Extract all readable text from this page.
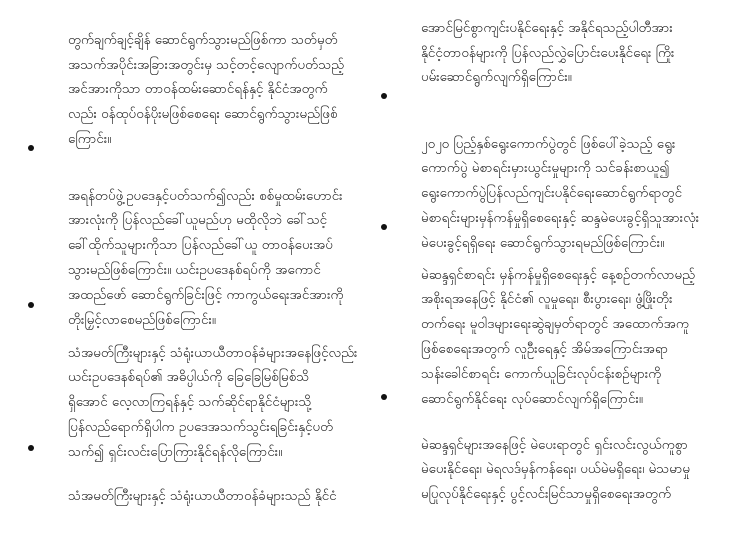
တွက်ချက်ချင့်ချိန် ဆောင်ရွက်သွားမည်ဖြစ်ကာ သတ်မှတ်
အသက်အပိုင်းအခြားအတွင်းမှ သင့်တင့်လျောက်ပတ်သည့်
အင်အားကိုသာ တာဝန်ထမ်းဆောင်ရန်နှင့် နိုင်ငံအတွက်
လည်း ဝန်ထုပ်ဝန်ပိုးမဖြစ်စေရေး ဆောင်ရွက်သွားမည်ဖြစ်
ကြောင်း။

အရန်တပ်ဖွဲ့ဥပဒေနှင့်ပတ်သက်၍လည်း စစ်မှုထမ်းဟောင်း
အားလုံးကို ပြန်လည်ခေါ်ယူမည်ဟု မထိုလိုဘဲ ခေါ်သင့်
ခေါ်ထိုက်သူများကိုသာ ပြန်လည်ခေါ်ယူ တာဝန်ပေးအပ်
သွားမည်ဖြစ်ကြောင်း။ ယင်းဥပဒေနစ်ရပ်ကို အကောင်
အထည်ဖော် ဆောင်ရွက်ခြင်းဖြင့် ကာကွယ်ရေးအင်အားကို
တိုးမြှင့်လာစေမည်ဖြစ်ကြောင်း။

သံအမတ်ကြီးများနှင့် သံရုံးယာယီတာဝန်ခံများအနေဖြင့်လည်း
ယင်းဥပဒေနစ်ရပ်၏ အဓိပ္ပါယ်ကို ခြေခြေမြစ်မြစ်သိ
ရှိအောင် လေ့လာကြရန်နှင့် သက်ဆိုင်ရာနိုင်ငံများသို့
ပြန်လည်ရောက်ရှိပါက ဥပဒေအသက်သွင်းရခြင်းနှင့်ပတ်
သက်၍ ရှင်းလင်းပြောကြားနိုင်ရန်လိုကြောင်း။

သံအမတ်ကြီးများနှင့် သံရုံးယာယီတာဝန်ခံများသည် နိုင်ငံ

အောင်မြင်စွာကျင်းပနိုင်ရေးနှင့် အနိုင်ရသည့်ပါတီအား
နိုင်ငံ့တာဝန်များကို ပြန်လည်လွှဲပြောင်းပေးနိုင်ရေး ကြိုး
ပမ်းဆောင်ရွက်လျက်ရှိကြောင်း။

၂၀၂၀ ပြည့်နှစ်ရွေးကောက်ပွဲတွင် ဖြစ်ပေါ်ခဲ့သည့် ရွေး
ကောက်ပွဲ မဲစာရင်းမှားယွင်းမှုများကို သင်ခန်းစာယူ၍
ရွေးကောက်ပွဲပြန်လည်ကျင်းပနိုင်ရေးဆောင်ရွက်ရာတွင်
မဲစာရင်းများမှန်ကန်မှုရှိစေရေးနှင့် ဆန္ဒမဲပေးခွင့်ရှိသူအားလုံး
မဲပေးခွင့်ရရှိရေး ဆောင်ရွက်သွားရမည်ဖြစ်ကြောင်း။

မဲဆန္ဒရှင်စာရင်း မှန်ကန်မှုရှိစေရေးနှင့် နေ့စဉ်တက်လာမည့်
အစိုးရအနေဖြင့် နိုင်ငံ၏ လူမှုရေး၊ စီးပွားရေး၊ ဖွံ့ဖြိုးတိုး
တက်ရေး မူဝါဒများရေးဆွဲချမှတ်ရာတွင် အထောက်အကူ
ဖြစ်စေရေးအတွက် လူဦးရေနှင့် အိမ်အကြောင်းအရာ
သန်းခေါင်စာရင်း ကောက်ယူခြင်းလုပ်ငန်းစဉ်များကို
ဆောင်ရွက်နိုင်ရေး လုပ်ဆောင်လျက်ရှိကြောင်း။

မဲဆန္ဒရှင်များအနေဖြင့် မဲပေးရာတွင် ရှင်းလင်းလွယ်ကူစွာ
မဲပေးနိုင်ရေး၊ မဲရလဒ်မှန်ကန်ရေး၊ ပယ်မဲမရှိရေး၊ မဲသမာမှု
မပြုလုပ်နိုင်ရေးနှင့် ပွင့်လင်းမြင်သာမှုရှိစေရေးအတွက်
